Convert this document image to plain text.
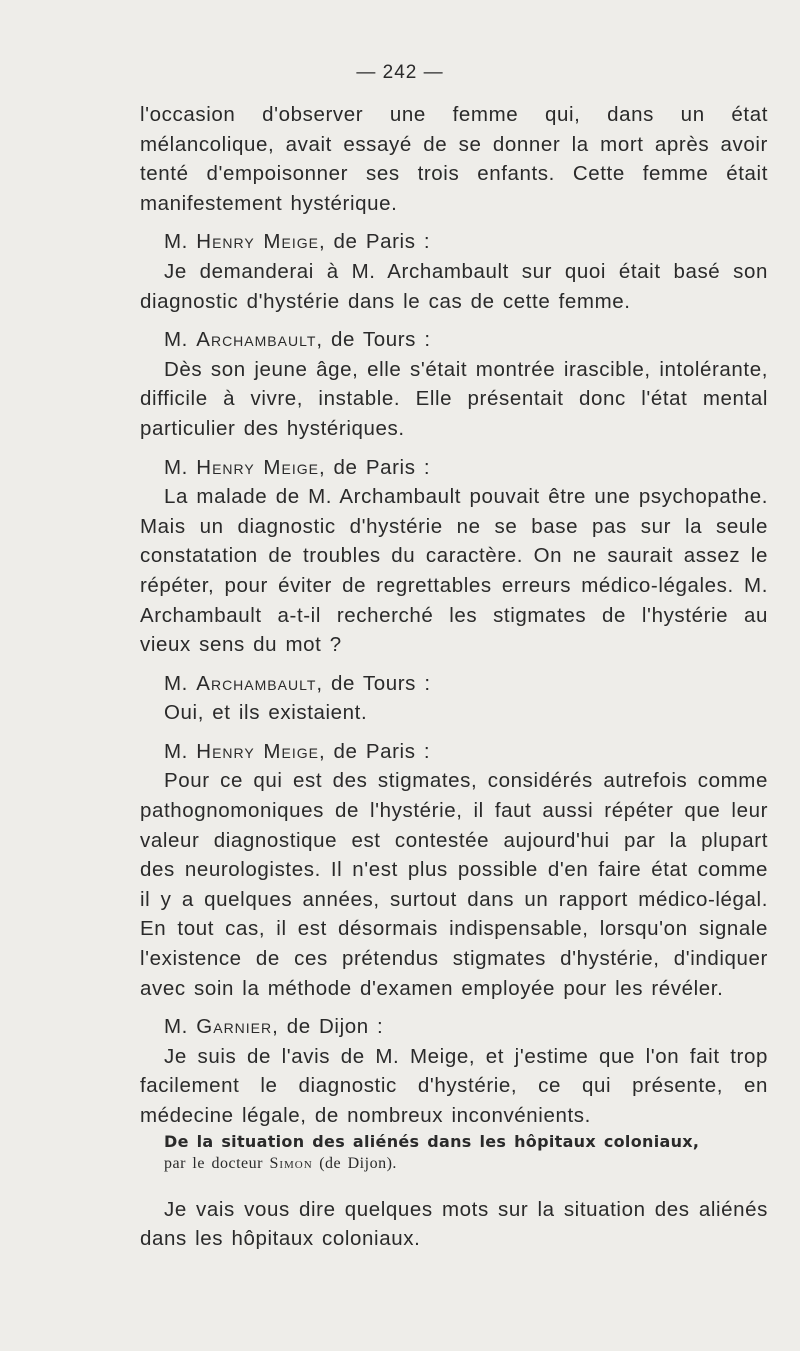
— 242 —

l'occasion d'observer une femme qui, dans un état mélancolique, avait essayé de se donner la mort après avoir tenté d'empoisonner ses trois enfants. Cette femme était manifestement hystérique.

M. Henry Meige, de Paris :

Je demanderai à M. Archambault sur quoi était basé son diagnostic d'hystérie dans le cas de cette femme.

M. Archambault, de Tours :

Dès son jeune âge, elle s'était montrée irascible, intolérante, difficile à vivre, instable. Elle présentait donc l'état mental particulier des hystériques.

M. Henry Meige, de Paris :

La malade de M. Archambault pouvait être une psychopathe. Mais un diagnostic d'hystérie ne se base pas sur la seule constatation de troubles du caractère. On ne saurait assez le répéter, pour éviter de regrettables erreurs médico-légales. M. Archambault a-t-il recherché les stigmates de l'hystérie au vieux sens du mot ?

M. Archambault, de Tours :

Oui, et ils existaient.

M. Henry Meige, de Paris :

Pour ce qui est des stigmates, considérés autrefois comme pathognomoniques de l'hystérie, il faut aussi répéter que leur valeur diagnostique est contestée aujourd'hui par la plupart des neurologistes. Il n'est plus possible d'en faire état comme il y a quelques années, surtout dans un rapport médico-légal. En tout cas, il est désormais indispensable, lorsqu'on signale l'existence de ces prétendus stigmates d'hystérie, d'indiquer avec soin la méthode d'examen employée pour les révéler.

M. Garnier, de Dijon :

Je suis de l'avis de M. Meige, et j'estime que l'on fait trop facilement le diagnostic d'hystérie, ce qui présente, en médecine légale, de nombreux inconvénients.

De la situation des aliénés dans les hôpitaux coloniaux,

par le docteur Simon (de Dijon).

Je vais vous dire quelques mots sur la situation des aliénés dans les hôpitaux coloniaux.
